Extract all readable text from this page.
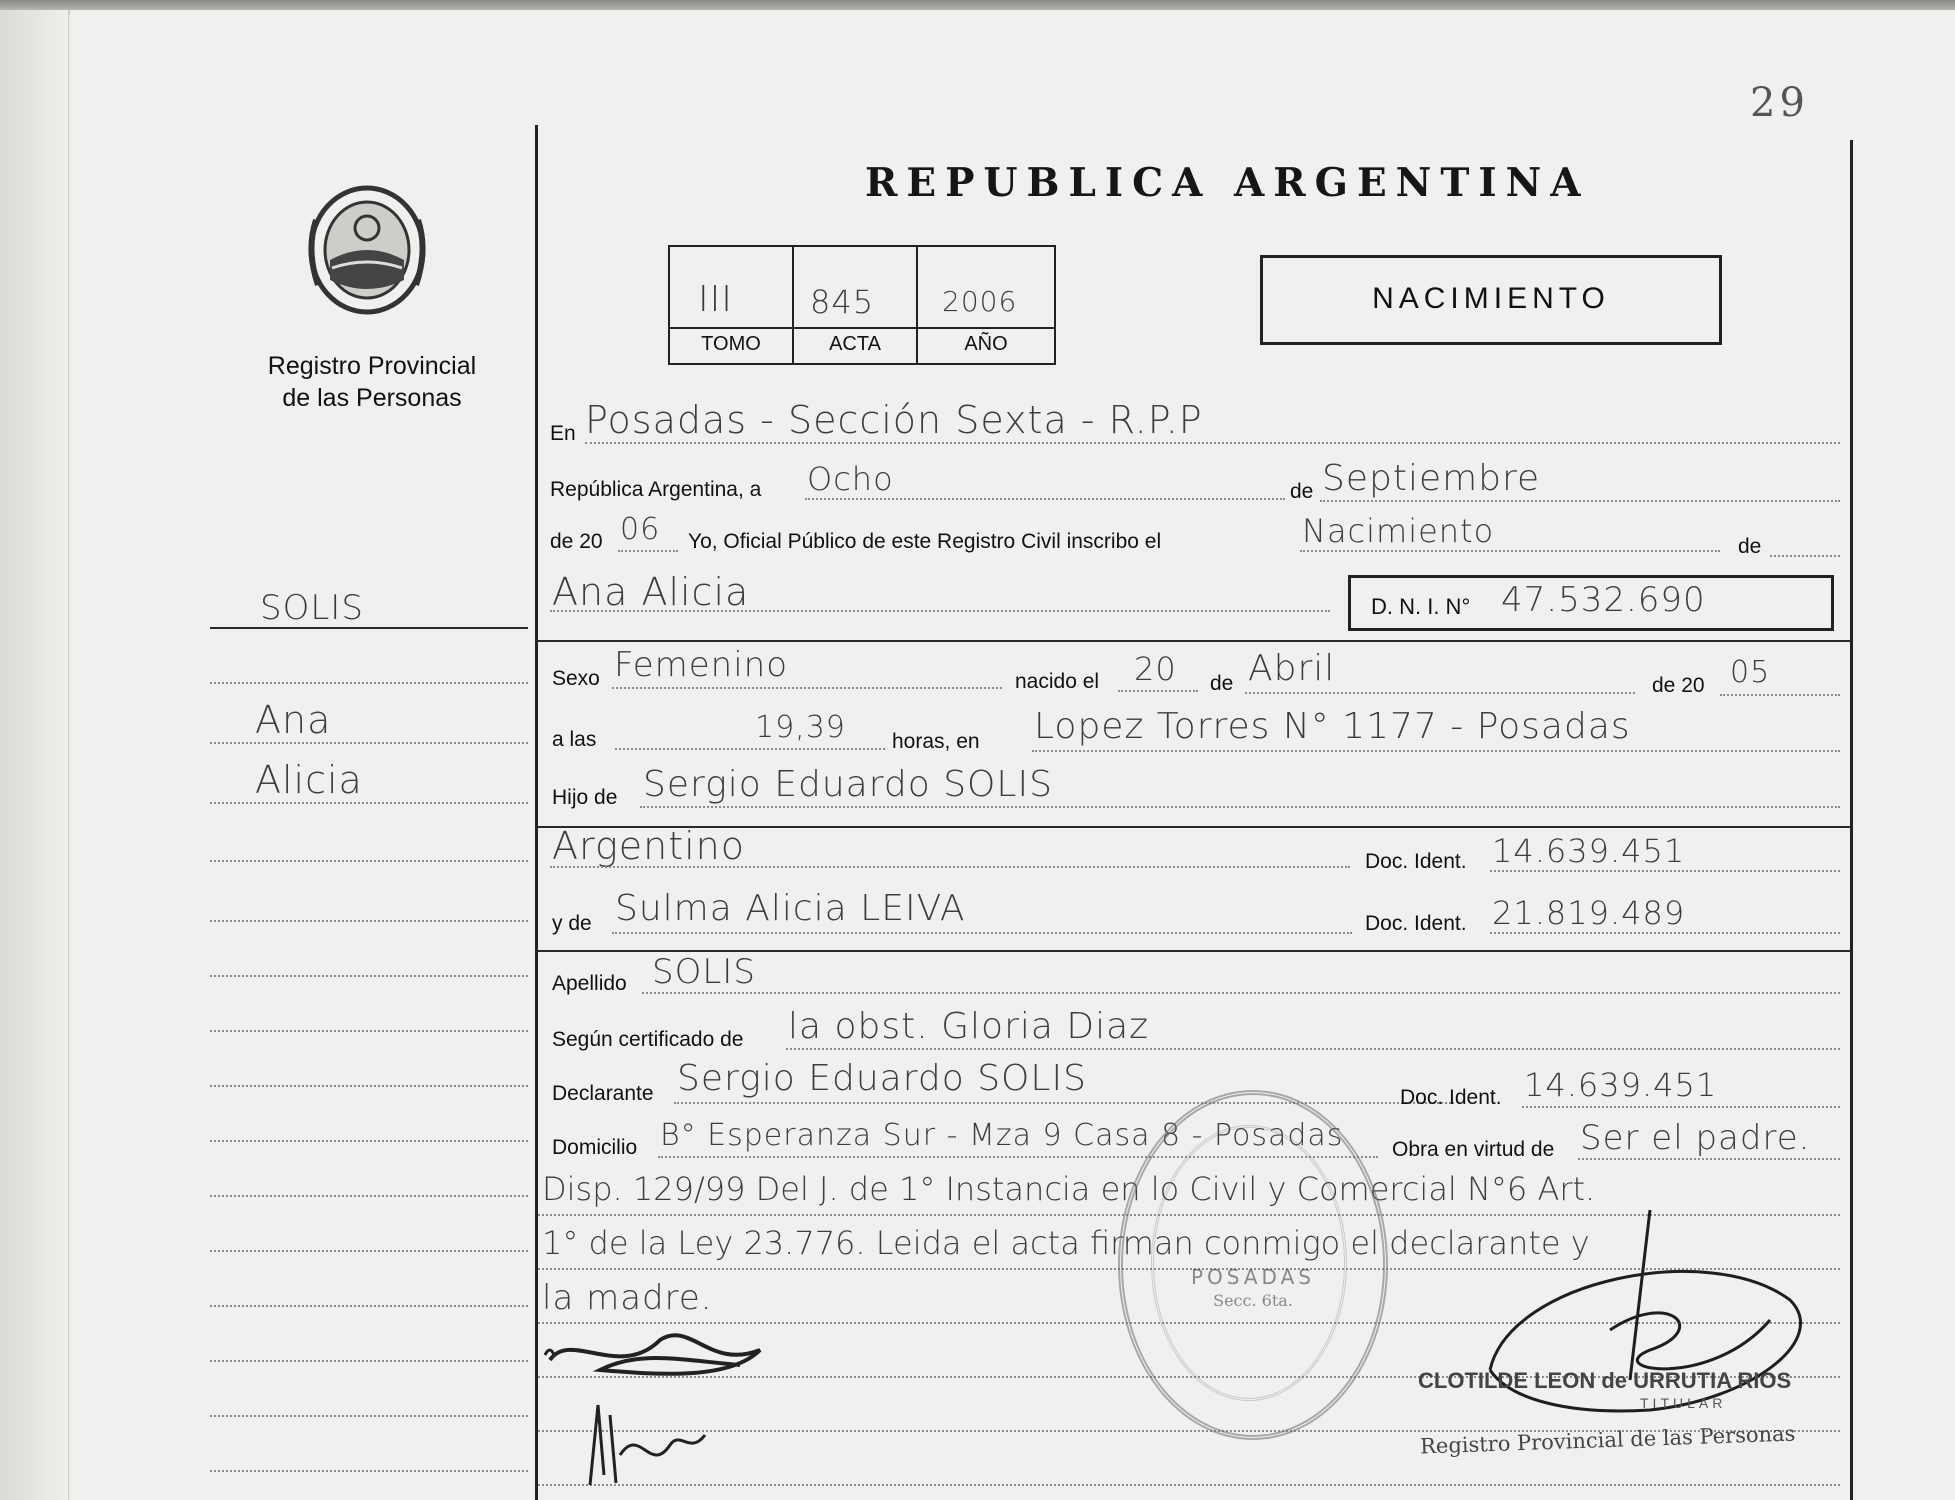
29
Registro Provincial
de las Personas
SOLIS
Ana
Alicia
REPUBLICA ARGENTINA
III 845 2006
TOMO	ACTA	AÑO
NACIMIENTO
En Posadas - Sección Sexta - R.P.P
República Argentina, a Ocho	de Septiembre
de 20 06 Yo, Oficial Público de este Registro Civil inscribo el	Nacimiento	de
Ana Alicia	D. N. I. N° 47.532.690
Sexo Femenino	nacido el 20 de Abril	de 20 05
a las	19,39 horas, en Lopez Torres N° 1177 - Posadas
Hijo de Sergio Eduardo SOLIS
Argentino	Doc. Ident. 14.639.451
y de Sulma Alicia LEIVA	Doc. Ident. 21.819.489
Apellido SOLIS
Según certificado de la obst. Gloria Diaz
Declarante Sergio Eduardo SOLIS	Doc. Ident. 14.639.451
Domicilio B° Esperanza Sur - Mza 9 Casa 8 - Posadas Obra en virtud de Ser el padre.
Disp. 129/99 Del J. de 1° Instancia en lo Civil y Comercial N°6 Art.
1° de la Ley 23.776. Leida el acta firman conmigo el declarante y
la madre.
POSADAS
Secc. 6ta.
CLOTILDE LEON de URRUTIA RIOS
TITULAR
Registro Provincial de las Personas
